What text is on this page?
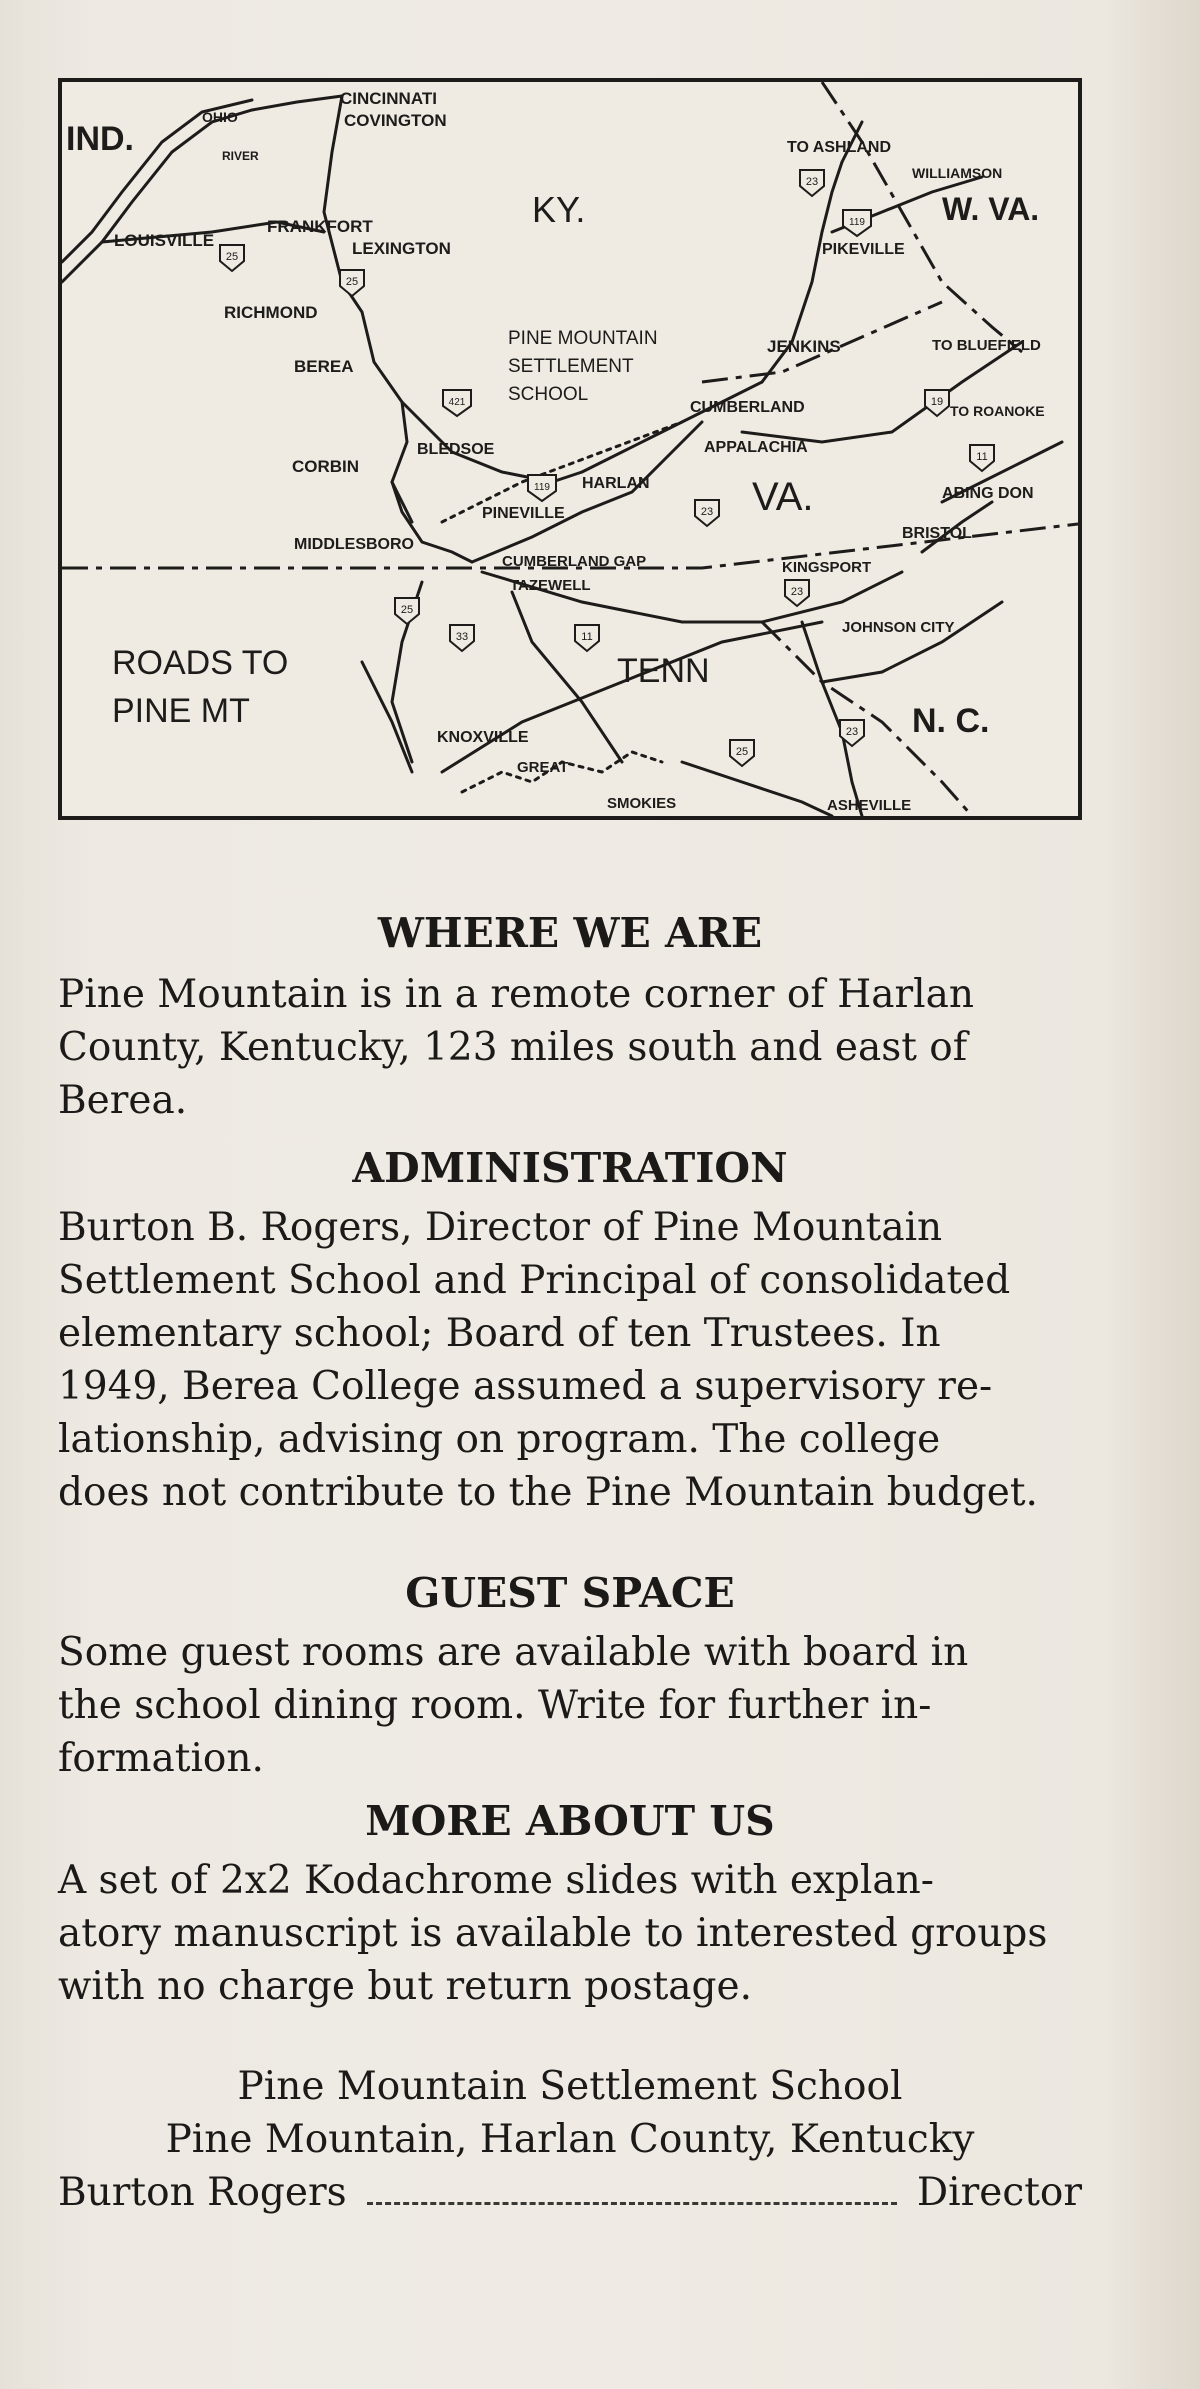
25
25
421
119
23
23
119
19
11
25
33	11
23
25
23
IND.
KY.	W. VA.
VA.
TENN
N. C.
OHIO
RIVER
CINCINNATI
COVINGTON
LOUISVILLE
FRANKFORT
LEXINGTON
RICHMOND
BEREA
CORBIN
BLEDSOE
HARLAN
PINEVILLE
MIDDLESBORO
PINE MOUNTAIN
SETTLEMENT
SCHOOL
JENKINS
CUMBERLAND
APPALACHIA
PIKEVILLE
TO ASHLAND
WILLIAMSON
TO BLUEFIELD
TO ROANOKE
ABING DON
BRISTOL
CUMBERLAND GAP
TAZEWELL
KINGSPORT
JOHNSON CITY
KNOXVILLE
GREAT
SMOKIES	ASHEVILLE
ROADS TO
PINE MT
WHERE WE ARE

Pine Mountain is in a remote corner of Harlan
County, Kentucky, 123 miles south and east of
Berea.

ADMINISTRATION

Burton B. Rogers, Director of Pine Mountain
Settlement School and Principal of consolidated
elementary school; Board of ten Trustees. In
1949, Berea College assumed a supervisory re-
lationship, advising on program. The college
does not contribute to the Pine Mountain budget.

GUEST SPACE

Some guest rooms are available with board in
the school dining room. Write for further in-
formation.

MORE ABOUT US

A set of 2x2 Kodachrome slides with explan-
atory manuscript is available to interested groups
with no charge but return postage.

Pine Mountain Settlement School

Pine Mountain, Harlan County, Kentucky

Burton Rogers	Director
